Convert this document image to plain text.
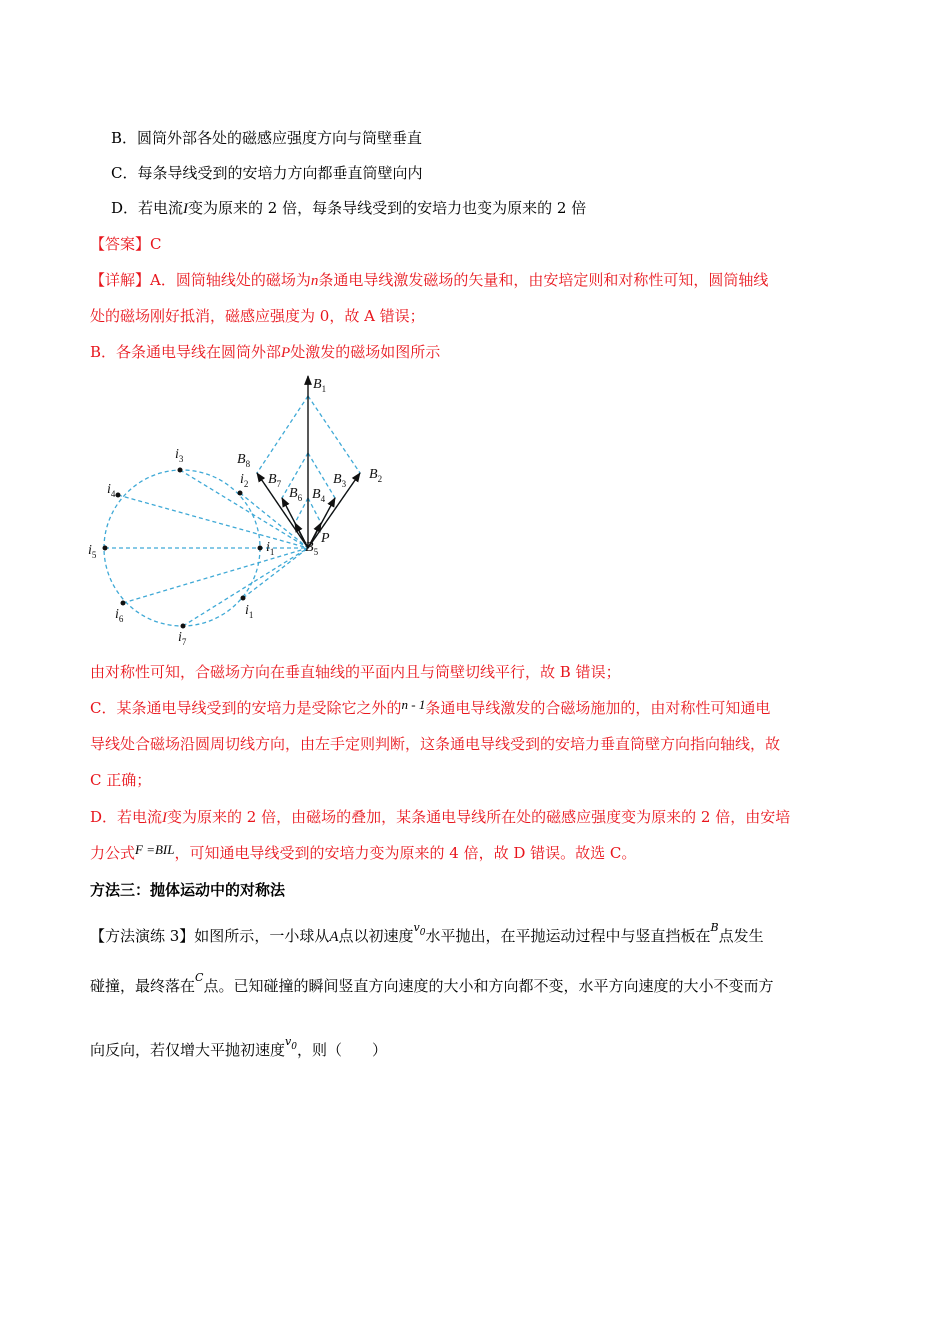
B．圆筒外部各处的磁感应强度方向与筒壁垂直
C．每条导线受到的安培力方向都垂直筒壁向内
D．若电流I变为原来的 2 倍，每条导线受到的安培力也变为原来的 2 倍
【答案】C
【详解】A．圆筒轴线处的磁场为n条通电导线激发磁场的矢量和，由安培定则和对称性可知，圆筒轴线
处的磁场刚好抵消，磁感应强度为 0，故 A 错误；
B．各条通电导线在圆筒外部P处激发的磁场如图所示
$B_1$
$B_2$
$B_3$
$B_4$
$B_5$
$B_6$
$B_7$
$B_8$
P
$i_1$
$i_1$
$i_2$
$i_3$
$i_4$
$i_5$
$i_6$
$i_7$
由对称性可知，合磁场方向在垂直轴线的平面内且与筒壁切线平行，故 B 错误；
C．某条通电导线受到的安培力是受除它之外的n - 1条通电导线激发的合磁场施加的，由对称性可知通电
导线处合磁场沿圆周切线方向，由左手定则判断，这条通电导线受到的安培力垂直筒壁方向指向轴线，故
C 正确；
D．若电流I变为原来的 2 倍，由磁场的叠加，某条通电导线所在处的磁感应强度变为原来的 2 倍，由安培
力公式F =BIL，可知通电导线受到的安培力变为原来的 4 倍，故 D 错误。故选 C。
方法三：抛体运动中的对称法
【方法演练 3】如图所示，一小球从A点以初速度$^{v_0}$水平抛出，在平抛运动过程中与竖直挡板在$^B$点发生
碰撞，最终落在$^C$点。已知碰撞的瞬间竖直方向速度的大小和方向都不变，水平方向速度的大小不变而方
向反向，若仅增大平抛初速度$^{v_0}$，则（　　）
